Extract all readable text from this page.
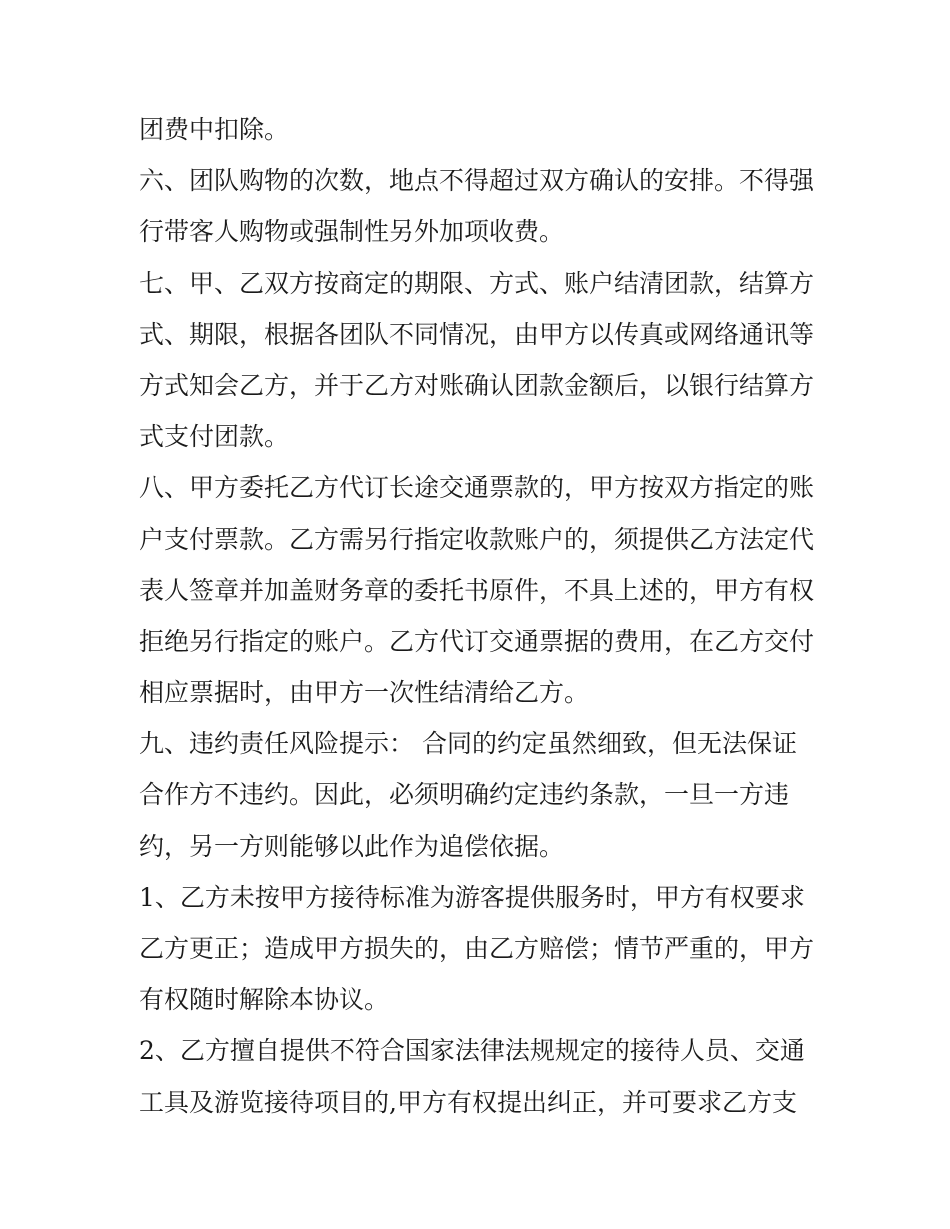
团费中扣除。
六、团队购物的次数，地点不得超过双方确认的安排。不得强
行带客人购物或强制性另外加项收费。
七、甲、乙双方按商定的期限、方式、账户结清团款，结算方
式、期限，根据各团队不同情况，由甲方以传真或网络通讯等
方式知会乙方，并于乙方对账确认团款金额后，以银行结算方
式支付团款。
八、甲方委托乙方代订长途交通票款的，甲方按双方指定的账
户支付票款。乙方需另行指定收款账户的，须提供乙方法定代
表人签章并加盖财务章的委托书原件，不具上述的，甲方有权
拒绝另行指定的账户。乙方代订交通票据的费用，在乙方交付
相应票据时，由甲方一次性结清给乙方。
九、违约责任风险提示： 合同的约定虽然细致，但无法保证
合作方不违约。因此，必须明确约定违约条款，一旦一方违
约，另一方则能够以此作为追偿依据。
1、乙方未按甲方接待标准为游客提供服务时，甲方有权要求
乙方更正；造成甲方损失的，由乙方赔偿；情节严重的，甲方
有权随时解除本协议。
2、乙方擅自提供不符合国家法律法规规定的接待人员、交通
工具及游览接待项目的,甲方有权提出纠正，并可要求乙方支
